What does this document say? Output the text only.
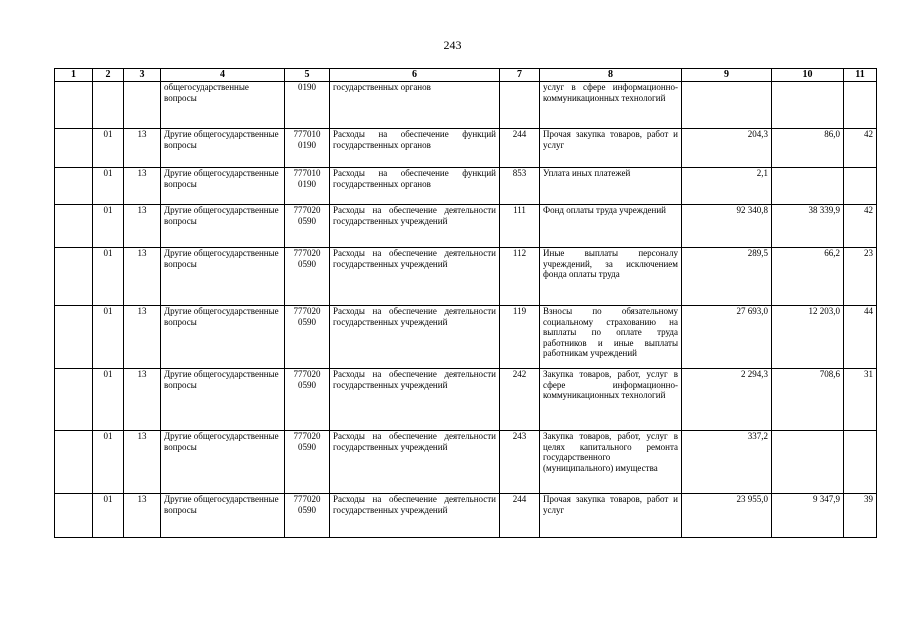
243
1	2	3	4	5	6	7	8	9	10	11
			общегосударственные вопросы	0190	государственных органов		услуг в сфере информационно-коммуникационных технологий			
	01	13	Другие общегосударственные вопросы	777010 0190	Расходы на обеспечение функций государственных органов	244	Прочая закупка товаров, работ и услуг	204,3	86,0	42
	01	13	Другие общегосударственные вопросы	777010 0190	Расходы на обеспечение функций государственных органов	853	Уплата иных платежей	2,1		
	01	13	Другие общегосударственные вопросы	777020 0590	Расходы на обеспечение деятельности государственных учреждений	111	Фонд оплаты труда учреждений	92 340,8	38 339,9	42
	01	13	Другие общегосударственные вопросы	777020 0590	Расходы на обеспечение деятельности государственных учреждений	112	Иные выплаты персоналу учреждений, за исключением фонда оплаты труда	289,5	66,2	23
	01	13	Другие общегосударственные вопросы	777020 0590	Расходы на обеспечение деятельности государственных учреждений	119	Взносы по обязательному социальному страхованию на выплаты по оплате труда работников и иные выплаты работникам учреждений	27 693,0	12 203,0	44
	01	13	Другие общегосударственные вопросы	777020 0590	Расходы на обеспечение деятельности государственных учреждений	242	Закупка товаров, работ, услуг в сфере информационно-коммуникационных технологий	2 294,3	708,6	31
	01	13	Другие общегосударственные вопросы	777020 0590	Расходы на обеспечение деятельности государственных учреждений	243	Закупка товаров, работ, услуг в целях капитального ремонта государственного (муниципального) имущества	337,2		
	01	13	Другие общегосударственные вопросы	777020 0590	Расходы на обеспечение деятельности государственных учреждений	244	Прочая закупка товаров, работ и услуг	23 955,0	9 347,9	39
